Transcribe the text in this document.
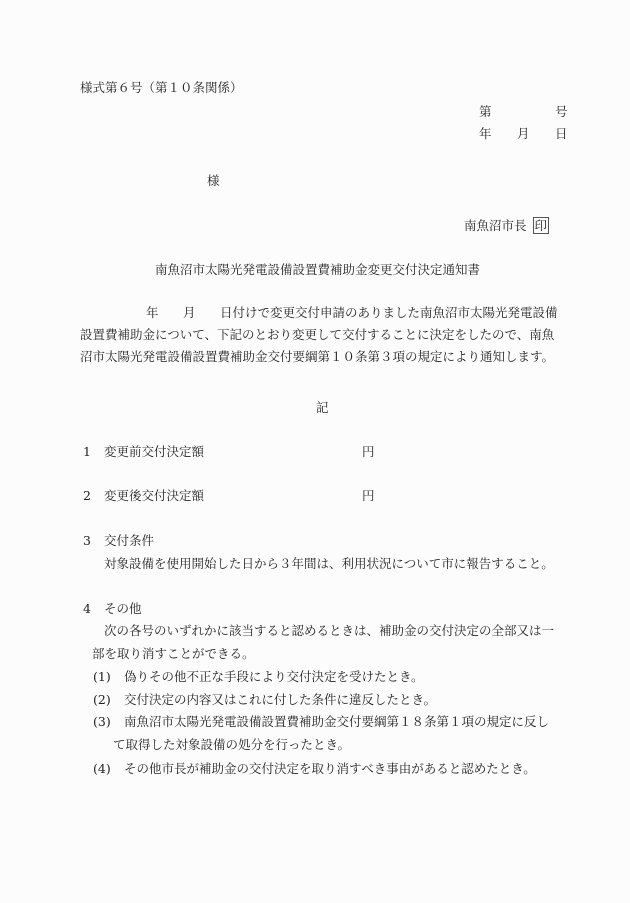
様式第６号（第１０条関係）
第	号
年 月 日
様
南魚沼市長 印
南魚沼市太陽光発電設備設置費補助金変更交付決定通知書
年 月 日付けで変更交付申請のありました南魚沼市太陽光発電設備
設置費補助金について、下記のとおり変更して交付することに決定をしたので、南魚
沼市太陽光発電設備設置費補助金交付要綱第１０条第３項の規定により通知します。
記
1 変更前交付決定額	円
2 変更後交付決定額	円
3 交付条件
対象設備を使用開始した日から３年間は、利用状況について市に報告すること。
4 その他
次の各号のいずれかに該当すると認めるときは、補助金の交付決定の全部又は一
部を取り消すことができる。
(1) 偽りその他不正な手段により交付決定を受けたとき。
(2) 交付決定の内容又はこれに付した条件に違反したとき。
(3) 南魚沼市太陽光発電設備設置費補助金交付要綱第１８条第１項の規定に反し
て取得した対象設備の処分を行ったとき。
(4) その他市長が補助金の交付決定を取り消すべき事由があると認めたとき。
